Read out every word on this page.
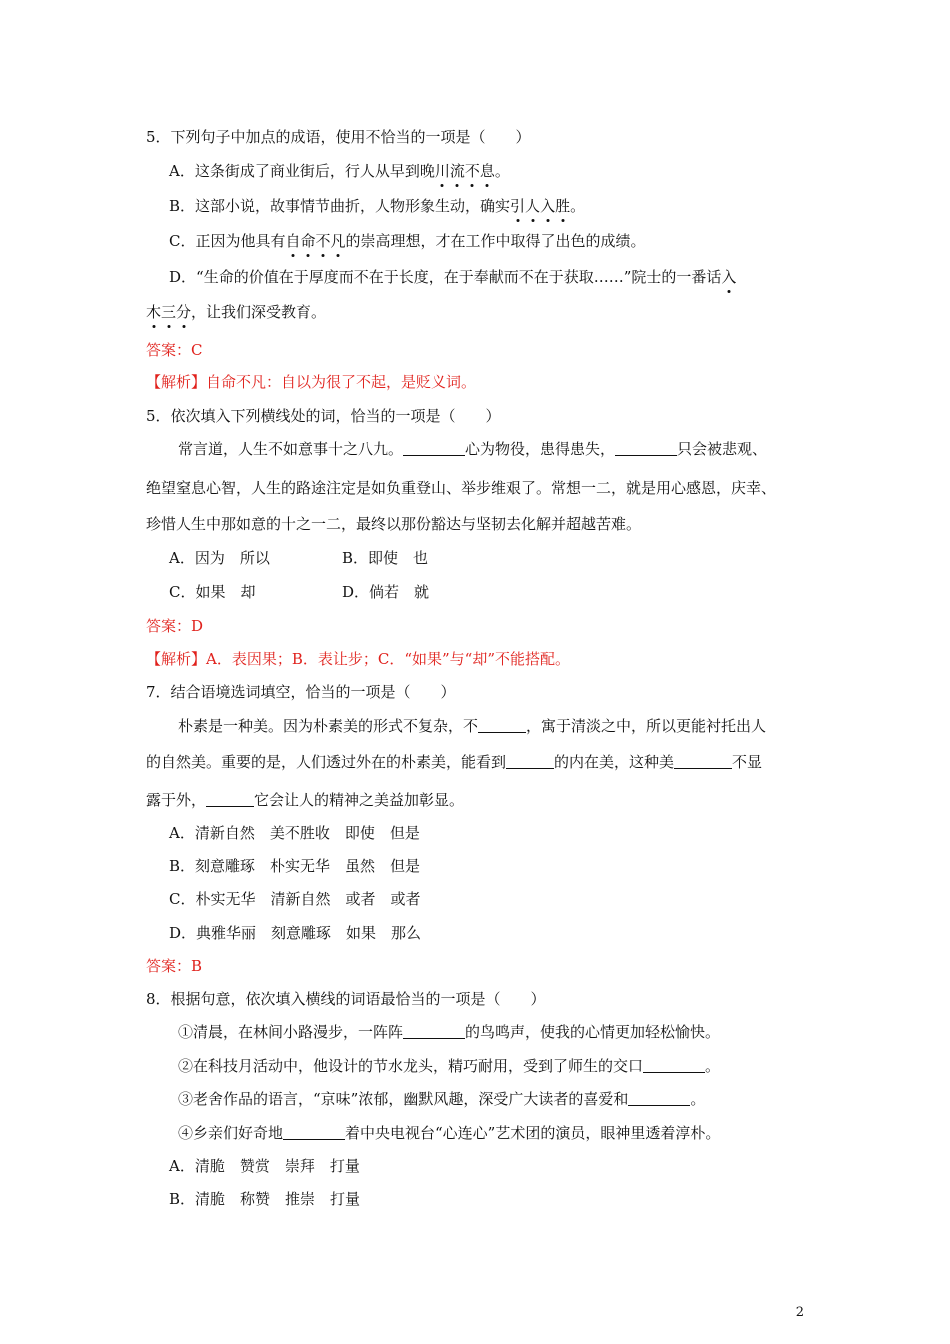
5．下列句子中加点的成语，使用不恰当的一项是（　　）
A．这条街成了商业街后，行人从早到晚川流不息。
B．这部小说，故事情节曲折，人物形象生动，确实引人入胜。
C．正因为他具有自命不凡的崇高理想，才在工作中取得了出色的成绩。
D．“生命的价值在于厚度而不在于长度，在于奉献而不在于获取……”院士的一番话入
木三分，让我们深受教育。
答案：C
【解析】自命不凡：自以为很了不起，是贬义词。
5．依次填入下列横线处的词，恰当的一项是（　　）
常言道，人生不如意事十之八九。	心为物役，患得患失，	只会被悲观、
绝望窒息心智，人生的路途注定是如负重登山、举步维艰了。常想一二，就是用心感恩，庆幸、
珍惜人生中那如意的十之一二，最终以那份豁达与坚韧去化解并超越苦难。
A．因为　所以	B．即使　也
C．如果　却	D．倘若　就
答案：D
【解析】A．表因果；B．表让步；C．“如果”与“却”不能搭配。
7．结合语境选词填空，恰当的一项是（　　）
朴素是一种美。因为朴素美的形式不复杂，不	，寓于清淡之中，所以更能衬托出人
的自然美。重要的是，人们透过外在的朴素美，能看到	的内在美，这种美	不显
露于外，	它会让人的精神之美益加彰显。
A．清新自然　美不胜收　即使　但是
B．刻意雕琢　朴实无华　虽然　但是
C．朴实无华　清新自然　或者　或者
D．典雅华丽　刻意雕琢　如果　那么
答案：B
8．根据句意，依次填入横线的词语最恰当的一项是（　　）
①清晨，在林间小路漫步，一阵阵	的鸟鸣声，使我的心情更加轻松愉快。
②在科技月活动中，他设计的节水龙头，精巧耐用，受到了师生的交口	。
③老舍作品的语言，“京味”浓郁，幽默风趣，深受广大读者的喜爱和	。
④乡亲们好奇地	着中央电视台“心连心”艺术团的演员，眼神里透着淳朴。
A．清脆　赞赏　崇拜　打量
B．清脆　称赞　推崇　打量
2
